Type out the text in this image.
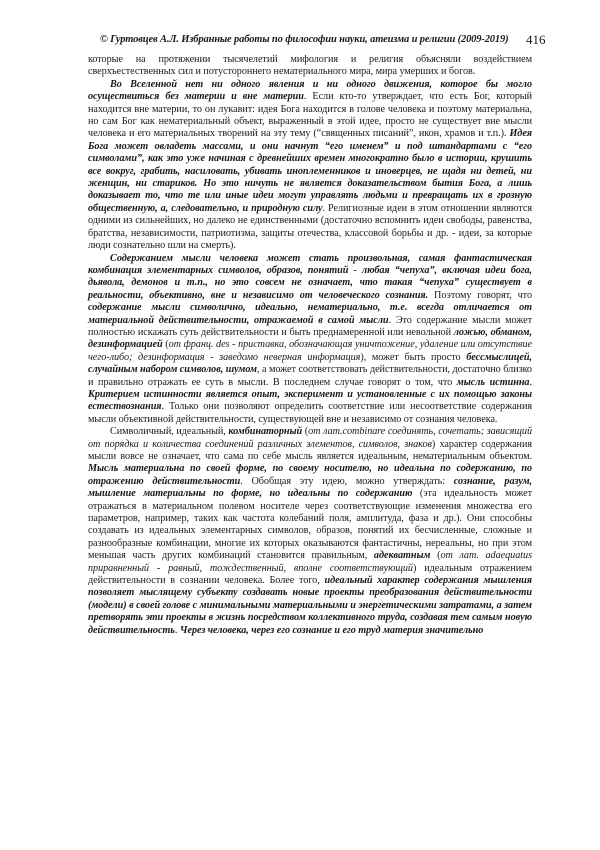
© Гуртовцев А.Л. Избранные работы по философии науки, атеизма и религии (2009-2019)	416

которые на протяжении тысячелетий мифология и религия объясняли воздействием сверхъестественных сил и потустороннего нематериального мира, мира умерших и богов.

Во Вселенной нет ни одного явления и ни одного движения, которое бы могло осуществиться без материи и вне материи. Если кто-то утверждает, что есть Бог, который находится вне материи, то он лукавит: идея Бога находится в голове человека и поэтому материальна, но сам Бог как нематериальный объект, выраженный в этой идее, просто не существует вне мысли человека и его материальных творений на эту тему (“священных писаний”, икон, храмов и т.п.). Идея Бога может овладеть массами, и они начнут “его именем” и под штандартами с “его символами”, как это уже начиная с древнейших времен многократно было в истории, крушить все вокруг, грабить, насиловать, убивать иноплеменников и иноверцев, не щадя ни детей, ни женщин, ни стариков. Но это ничуть не является доказательством бытия Бога, а лишь доказывает то, что те или иные идеи могут управлять людьми и превращать их в грозную общественную, а, следовательно, и природную силу. Религиозные идеи в этом отношении являются одними из сильнейших, но далеко не единственными (достаточно вспомнить идеи свободы, равенства, братства, независимости, патриотизма, защиты отечества, классовой борьбы и др. - идеи, за которые люди сознательно шли на смерть).

Содержанием мысли человека может стать произвольная, самая фантастическая комбинация элементарных символов, образов, понятий - любая “чепуха”, включая идеи бога, дьявола, демонов и т.п., но это совсем не означает, что такая “чепуха” существует в реальности, объективно, вне и независимо от человеческого сознания. Поэтому говорят, что содержание мысли символично, идеально, нематериально, т.е. всегда отличается от материальной действительности, отражаемой в самой мысли. Это содержание мысли может полностью искажать суть действительности и быть преднамеренной или невольной ложью, обманом, дезинформацией (от франц. des - приставка, обозначающая уничтожение, удаление или отсутствие чего-либо; дезинформация - заведомо неверная информация), может быть просто бессмыслицей, случайным набором символов, шумом, а может соответствовать действительности, достаточно близко и правильно отражать ее суть в мысли. В последнем случае говорят о том, что мысль истинна. Критерием истинности является опыт, эксперимент и установленные с их помощью законы естествознания. Только они позволяют определить соответствие или несоответствие содержания мысли объективной действительности, существующей вне и независимо от сознания человека.

Символичный, идеальный, комбинаторный (от лат.combinare соединять, сочетать; зависящий от порядка и количества соединений различных элементов, символов, знаков) характер содержания мысли вовсе не означает, что сама по себе мысль является идеальным, нематериальным объектом. Мысль материальна по своей форме, по своему носителю, но идеальна по содержанию, по отражению действительности. Обобщая эту идею, можно утверждать: сознание, разум, мышление материальны по форме, но идеальны по содержанию (эта идеальность может отражаться в материальном полевом носителе через соответствующие изменения множества его параметров, например, таких как частота колебаний поля, амплитуда, фаза и др.). Они способны создавать из идеальных элементарных символов, образов, понятий их бесчисленные, сложные и разнообразные комбинации, многие их которых оказываются фантастичны, нереальны, но при этом меньшая часть других комбинаций становится правильным, адекватным (от лат. adaequatus приравненный - равный, тождественный, вполне соответствующий) идеальным отражением действительности в сознании человека. Более того, идеальный характер содержания мышления позволяет мыслящему субъекту создавать новые проекты преобразования действительности (модели) в своей голове с минимальными материальными и энергетическими затратами, а затем претворять эти проекты в жизнь посредством коллективного труда, создавая тем самым новую действительность. Через человека, через его сознание и его труд материя значительно
